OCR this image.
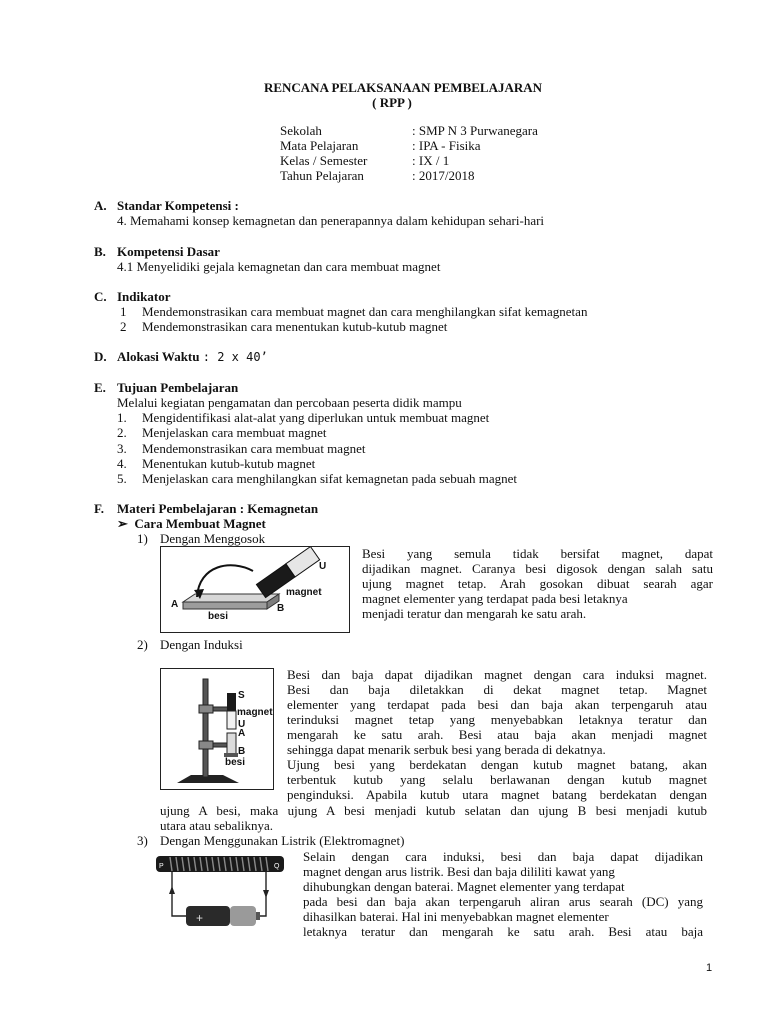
RENCANA PELAKSANAAN PEMBELAJARAN
( RPP )
Sekolah	: SMP N 3 Purwanegara
Mata Pelajaran	: IPA - Fisika
Kelas / Semester	: IX / 1
Tahun Pelajaran	: 2017/2018
A. Standar Kompetensi :
4. Memahami konsep kemagnetan dan penerapannya dalam kehidupan sehari-hari
B. Kompetensi Dasar
4.1 Menyelidiki gejala kemagnetan dan cara membuat magnet
C. Indikator
1 Mendemonstrasikan cara membuat magnet dan cara menghilangkan sifat kemagnetan
2 Mendemonstrasikan cara menentukan kutub-kutub magnet
D. Alokasi Waktu : 2 x 40’
E. Tujuan Pembelajaran
Melalui kegiatan pengamatan dan percobaan peserta didik mampu
1. Mengidentifikasi alat-alat yang diperlukan untuk membuat magnet
2. Menjelaskan cara membuat magnet
3. Mendemonstrasikan cara membuat magnet
4. Menentukan kutub-kutub magnet
5. Menjelaskan cara menghilangkan sifat kemagnetan pada sebuah magnet
F. Materi Pembelajaran : Kemagnetan
➢ Cara Membuat Magnet
1) Dengan Menggosok
A	B
besi
magnet
U
Besi yang semula tidak bersifat magnet, dapat
dijadikan magnet. Caranya besi digosok dengan salah satu
ujung magnet tetap. Arah gosokan dibuat searah agar
magnet elementer yang terdapat pada besi letaknya
menjadi teratur dan mengarah ke satu arah.
2) Dengan Induksi
S
magnet
U
A
B
besi
Besi dan baja dapat dijadikan magnet dengan cara induksi magnet.
Besi dan baja diletakkan di dekat magnet tetap. Magnet
elementer yang terdapat pada besi dan baja akan terpengaruh atau
terinduksi magnet tetap yang menyebabkan letaknya teratur dan
mengarah ke satu arah. Besi atau baja akan menjadi magnet
sehingga dapat menarik serbuk besi yang berada di dekatnya.
Ujung besi yang berdekatan dengan kutub magnet batang, akan
terbentuk kutub yang selalu berlawanan dengan kutub magnet
penginduksi. Apabila kutub utara magnet batang berdekatan dengan
ujung A besi, maka ujung A besi menjadi kutub selatan dan ujung B besi menjadi kutub
utara atau sebaliknya.
3) Dengan Menggunakan Listrik (Elektromagnet)
P	Q
+
Selain dengan cara induksi, besi dan baja dapat dijadikan
magnet dengan arus listrik. Besi dan baja dililiti kawat yang
dihubungkan dengan baterai. Magnet elementer yang terdapat
pada besi dan baja akan terpengaruh aliran arus searah (DC) yang
dihasilkan baterai. Hal ini menyebabkan magnet elementer
letaknya teratur dan mengarah ke satu arah. Besi atau baja
1
